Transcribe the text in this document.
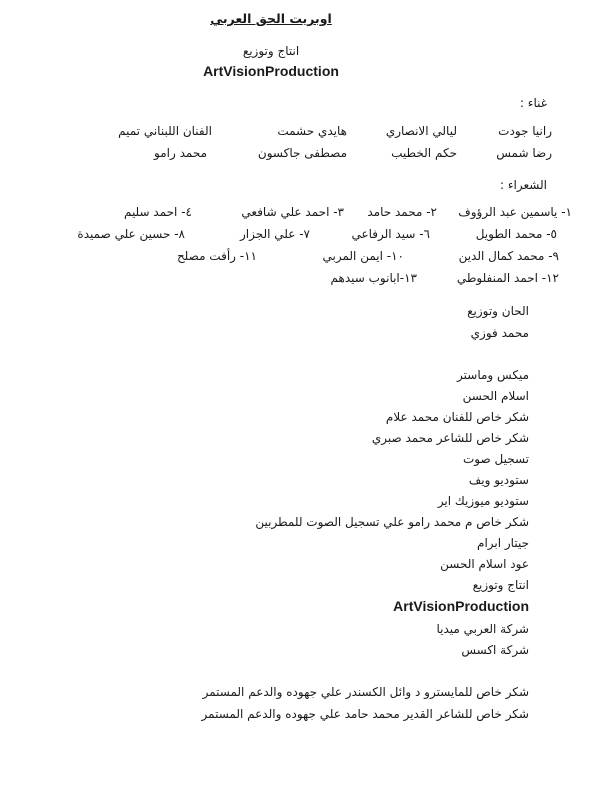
اوبريت الحق العربي
انتاج وتوزيع
ArtVisionProduction
غناء :
رانيا جودت
ليالي الانصاري
هايدي حشمت
الفنان اللبناني تميم
رضا شمس
حكم الخطيب
مصطفى جاكسون
محمد رامو
الشعراء :
١- ياسمين عبد الرؤوف
٢- محمد حامد
٣- احمد علي شافعي
٤- احمد سليم
٥- محمد الطويل
٦- سيد الرفاعي
٧- علي الجزار
٨- حسين علي صميدة
٩- محمد كمال الدين
١٠- ايمن المربي
١١- رأفت مصلح
١٢- احمد المنفلوطي
١٣-ابانوب سيدهم
الحان وتوزيع
محمد فوزي
ميكس وماستر
اسلام الحسن
شكر خاص للفنان محمد علام
شكر خاص للشاعر محمد صبري
تسجيل صوت
ستوديو ويف
ستوديو ميوزيك اير
شكر خاص م محمد رامو علي تسجيل الصوت للمطربين
جيتار ابرام
عود اسلام الحسن
انتاج وتوزيع
ArtVisionProduction
شركة العربي ميديا
شركة اكسس
شكر خاص للمايسترو د وائل الكسندر علي جهوده والدعم المستمر
شكر خاص للشاعر القدير محمد حامد علي جهوده والدعم المستمر
